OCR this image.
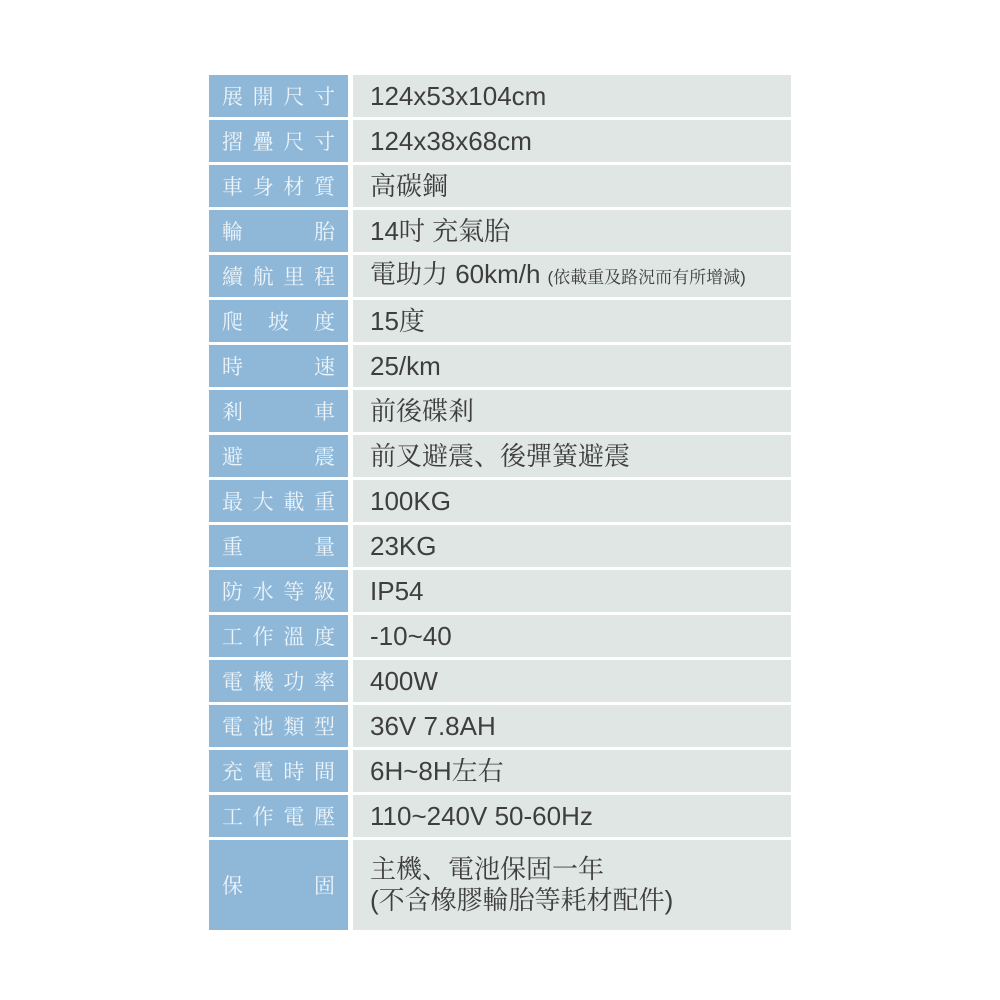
展開尺寸 124x53x104cm
摺疊尺寸 124x38x68cm
車身材質 高碳鋼
輪胎 14吋 充氣胎
續航里程 電助力 60km/h (依載重及路況而有所增減)
爬坡度 15度
時速 25/km
剎車 前後碟剎
避震 前叉避震、後彈簧避震
最大載重 100KG
重量 23KG
防水等級 IP54
工作溫度 -10~40
電機功率 400W
電池類型 36V 7.8AH
充電時間 6H~8H左右
工作電壓 110~240V 50-60Hz
保固
主機、電池保固一年
(不含橡膠輪胎等耗材配件)
